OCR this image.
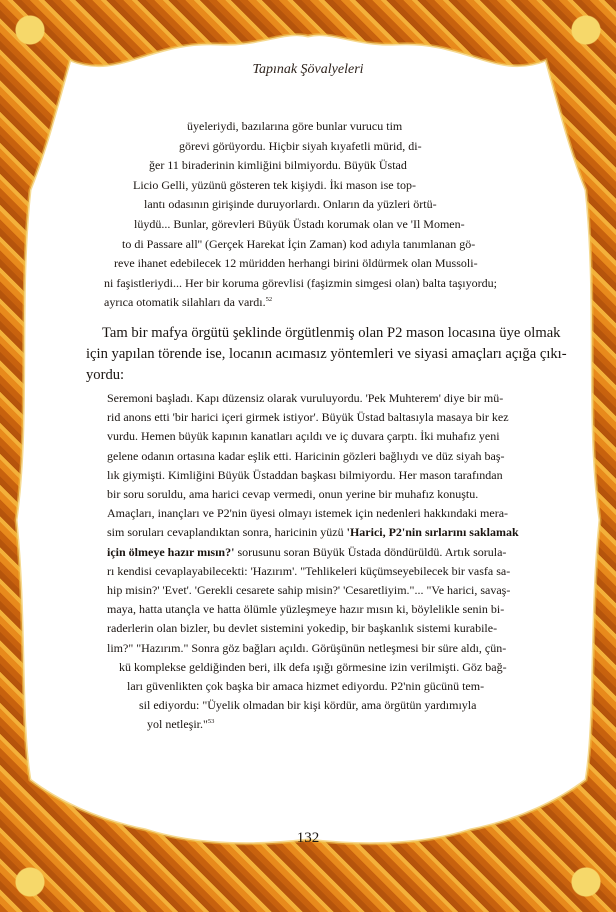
Tapınak Şövalyeleri
üyeleriydi, bazılarına göre bunlar vurucu tim
görevi görüyordu. Hiçbir siyah kıyafetli mürid, di-
ğer 11 biraderinin kimliğini bilmiyordu. Büyük Üstad
Licio Gelli, yüzünü gösteren tek kişiydi. İki mason ise top-
lantı odasının girişinde duruyorlardı. Onların da yüzleri örtü-
lüydü... Bunlar, görevleri Büyük Üstadı korumak olan ve 'Il Momen-
to di Passare all'' (Gerçek Harekat İçin Zaman) kod adıyla tanımlanan gö-
reve ihanet edebilecek 12 müridden herhangi birini öldürmek olan Mussoli-
ni faşistleriydi... Her bir koruma görevlisi (faşizmin simgesi olan) balta taşıyordu;
ayrıca otomatik silahları da vardı.$^{52}$
Tam bir mafya örgütü şeklinde örgütlenmiş olan P2 mason locasına üye olmak
için yapılan törende ise, locanın acımasız yöntemleri ve siyasi amaçları açığa çıkı-
yordu:
Seremoni başladı. Kapı düzensiz olarak vuruluyordu. 'Pek Muhterem' diye bir mü-
rid anons etti 'bir harici içeri girmek istiyor'. Büyük Üstad baltasıyla masaya bir kez
vurdu. Hemen büyük kapının kanatları açıldı ve iç duvara çarptı. İki muhafız yeni
gelene odanın ortasına kadar eşlik etti. Haricinin gözleri bağlıydı ve düz siyah baş-
lık giymişti. Kimliğini Büyük Üstaddan başkası bilmiyordu. Her mason tarafından
bir soru soruldu, ama harici cevap vermedi, onun yerine bir muhafız konuştu.
Amaçları, inançları ve P2'nin üyesi olmayı istemek için nedenleri hakkındaki mera-
sim soruları cevaplandıktan sonra, haricinin yüzü 'Harici, P2'nin sırlarını saklamak
için ölmeye hazır mısın?' sorusunu soran Büyük Üstada döndürüldü. Artık sorula-
rı kendisi cevaplayabilecekti: 'Hazırım'. "Tehlikeleri küçümseyebilecek bir vasfa sa-
hip misin?' 'Evet'. 'Gerekli cesarete sahip misin?' 'Cesaretliyim."... "Ve harici, savaş-
maya, hatta utançla ve hatta ölümle yüzleşmeye hazır mısın ki, böylelikle senin bi-
raderlerin olan bizler, bu devlet sistemini yokedip, bir başkanlık sistemi kurabile-
lim?" "Hazırım." Sonra göz bağları açıldı. Görüşünün netleşmesi bir süre aldı, çün-
kü komplekse geldiğinden beri, ilk defa ışığı görmesine izin verilmişti. Göz bağ-
ları güvenlikten çok başka bir amaca hizmet ediyordu. P2'nin gücünü tem-
sil ediyordu: "Üyelik olmadan bir kişi kördür, ama örgütün yardımıyla
yol netleşir."$^{53}$
132
